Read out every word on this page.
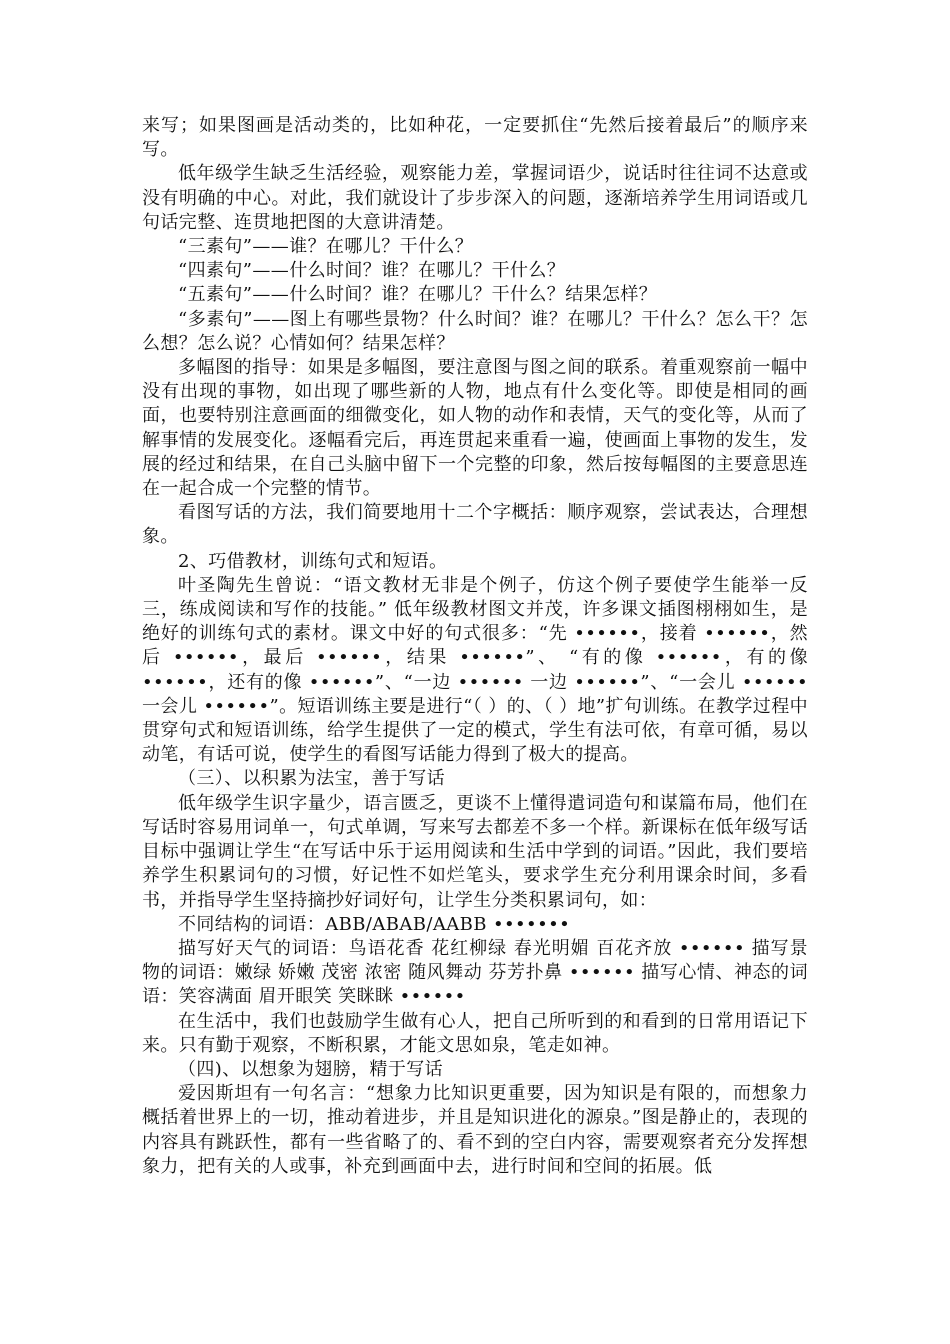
来写；如果图画是活动类的，比如种花，一定要抓住“先然后接着最后”的顺序来写。

低年级学生缺乏生活经验，观察能力差，掌握词语少，说话时往往词不达意或没有明确的中心。对此，我们就设计了步步深入的问题，逐渐培养学生用词语或几句话完整、连贯地把图的大意讲清楚。

“三素句”——谁？在哪儿？干什么？

“四素句”——什么时间？谁？在哪儿？干什么？

“五素句”——什么时间？谁？在哪儿？干什么？结果怎样？

“多素句”——图上有哪些景物？什么时间？谁？在哪儿？干什么？怎么干？怎么想？怎么说？心情如何？结果怎样？

多幅图的指导：如果是多幅图，要注意图与图之间的联系。着重观察前一幅中没有出现的事物，如出现了哪些新的人物，地点有什么变化等。即使是相同的画面，也要特别注意画面的细微变化，如人物的动作和表情，天气的变化等，从而了解事情的发展变化。逐幅看完后，再连贯起来重看一遍，使画面上事物的发生，发展的经过和结果，在自己头脑中留下一个完整的印象，然后按每幅图的主要意思连在一起合成一个完整的情节。

看图写话的方法，我们简要地用十二个字概括：顺序观察，尝试表达，合理想象。

2、巧借教材，训练句式和短语。

叶圣陶先生曾说：“语文教材无非是个例子，仿这个例子要使学生能举一反三，练成阅读和写作的技能。” 低年级教材图文并茂，许多课文插图栩栩如生，是绝好的训练句式的素材。课文中好的句式很多：“先 ••••••，接着 ••••••，然后 ••••••，最后 ••••••，结果 ••••••”、 “有的像 ••••••，有的像 ••••••，还有的像 ••••••”、“一边 •••••• 一边 ••••••”、“一会儿 •••••• 一会儿 ••••••”。短语训练主要是进行“（ ）的、（ ）地”扩句训练。在教学过程中贯穿句式和短语训练，给学生提供了一定的模式，学生有法可依，有章可循，易以动笔，有话可说，使学生的看图写话能力得到了极大的提高。

（三）、以积累为法宝，善于写话

低年级学生识字量少，语言匮乏，更谈不上懂得遣词造句和谋篇布局，他们在写话时容易用词单一，句式单调，写来写去都差不多一个样。新课标在低年级写话目标中强调让学生“在写话中乐于运用阅读和生活中学到的词语。”因此，我们要培养学生积累词句的习惯，好记性不如烂笔头，要求学生充分利用课余时间，多看书，并指导学生坚持摘抄好词好句，让学生分类积累词句，如：

不同结构的词语：ABB/ABAB/AABB •••••••

描写好天气的词语：鸟语花香 花红柳绿 春光明媚 百花齐放 •••••• 描写景物的词语：嫩绿 娇嫩 茂密 浓密 随风舞动 芬芳扑鼻 •••••• 描写心情、神态的词语：笑容满面 眉开眼笑 笑眯眯 ••••••

在生活中，我们也鼓励学生做有心人，把自己所听到的和看到的日常用语记下来。只有勤于观察，不断积累，才能文思如泉，笔走如神。

（四)、以想象为翅膀，精于写话

爱因斯坦有一句名言：“想象力比知识更重要，因为知识是有限的，而想象力概括着世界上的一切，推动着进步，并且是知识进化的源泉。”图是静止的，表现的内容具有跳跃性，都有一些省略了的、看不到的空白内容，需要观察者充分发挥想象力，把有关的人或事，补充到画面中去，进行时间和空间的拓展。低
